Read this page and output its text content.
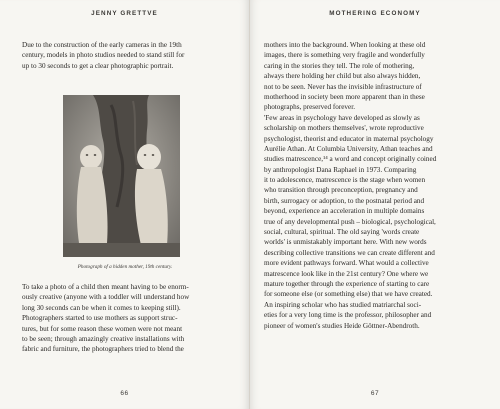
JENNY GRETTVE
Due to the construction of the early cameras in the 19th
century, models in photo studios needed to stand still for
up to 30 seconds to get a clear photographic portrait.
Photograph of a hidden mother, 19th century.
To take a photo of a child then meant having to be enorm-
ously creative (anyone with a toddler will understand how
long 30 seconds can be when it comes to keeping still).
Photographers started to use mothers as support struc-
tures, but for some reason these women were not meant
to be seen; through amazingly creative installations with
fabric and furniture, the photographers tried to blend the
66
MOTHERING ECONOMY
mothers into the background. When looking at these old
images, there is something very fragile and wonderfully
caring in the stories they tell. The role of mothering,
always there holding her child but also always hidden,
not to be seen. Never has the invisible infrastructure of
motherhood in society been more apparent than in these
photographs, preserved forever.
'Few areas in psychology have developed as slowly as
scholarship on mothers themselves', wrote reproductive
psychologist, theorist and educator in maternal psychology
Aurélie Athan. At Columbia University, Athan teaches and
studies matrescence,¹⁴ a word and concept originally coined
by anthropologist Dana Raphael in 1973. Comparing
it to adolescence, matrescence is the stage when women
who transition through preconception, pregnancy and
birth, surrogacy or adoption, to the postnatal period and
beyond, experience an acceleration in multiple domains
true of any developmental push – biological, psychological,
social, cultural, spiritual. The old saying 'words create
worlds' is unmistakably important here. With new words
describing collective transitions we can create different and
more evident pathways forward. What would a collective
matrescence look like in the 21st century? One where we
mature together through the experience of starting to care
for someone else (or something else) that we have created.
An inspiring scholar who has studied matriarchal soci-
eties for a very long time is the professor, philosopher and
pioneer of women's studies Heide Göttner-Abendroth.
67
